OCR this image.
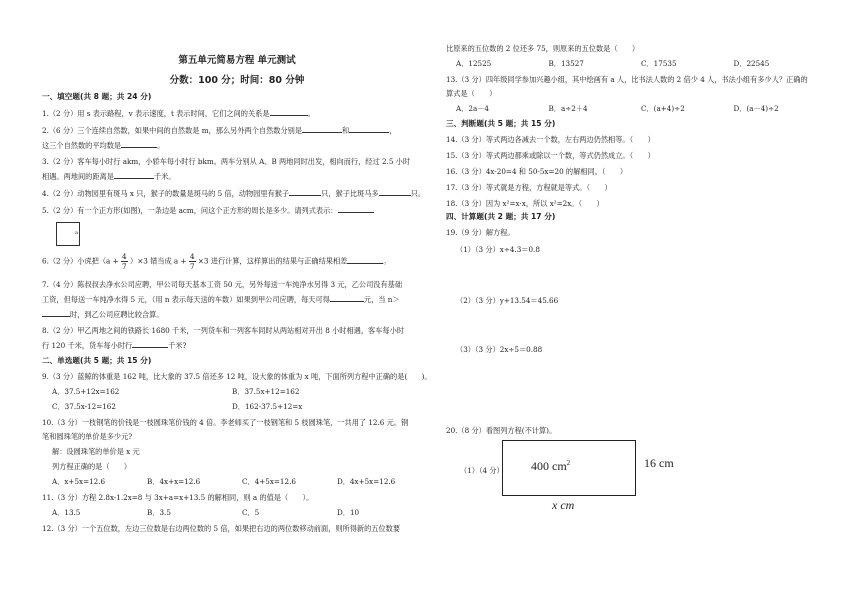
第五单元简易方程 单元测试
分数：100 分；时间：80 分钟
一、填空题(共 8 题；共 24 分)

1.（2 分）用 s 表示路程，v 表示速度，t 表示时间，它们之间的关系是	。

2.（6 分）三个连续自然数，如果中间的自然数是 m，那么另外两个自然数分别是	和	，

这三个自然数的平均数是	。

3.（2 分）客车每小时行 akm，小轿车每小时行 bkm。两车分别从 A、B 两地同时出发，相向而行，经过 2.5 小时

相遇。两地间的距离是	千米。

4.（2 分）动物园里有斑马 x 只，猴子的数量是斑马的 5 倍，动物园里有猴子	只，猴子比斑马多	只。

5.（2 分）有一个正方形(如图)，一条边是 acm，问这个正方形的周长是多少。请列式表示：

a

6.（2 分）小虎把$(a + \frac{4}{7} )\times 3$ 错当成 $a + \frac{4}{7} \times 3$ 进行计算，这样算出的结果与正确结果相差	。

7.（4 分）陈叔叔去净水公司应聘，甲公司每天基本工资 50 元，另外每送一车纯净水另得 3 元，乙公司没有基础

工资，但每送一车纯净水得 5 元，（用 n 表示每天送的车数）如果到甲公司应聘，每天可得	元，当 n＞

时，到乙公司应聘比较合算。

8.（2 分）甲乙两地之间的铁路长 1680 千米，一列货车和一列客车同时从两站相对开出 8 小时相遇，客车每小时

行 120 千米，货车每小时行	千米?

二、单选题(共 5 题；共 15 分)

9.（3 分）蓝鲸的体重是 162 吨，比大象的 37.5 倍还多 12 吨，设大象的体重为 x 吨，下面所列方程中正确的是(　　)。

A．37.5+12x=162	B．37.5x+12=162
C．37.5x-12=162	D．162-37.5+12=x

10.（3 分）一枝钢笔的价钱是一枝圆珠笔价钱的 4 倍。李老师买了一枝钢笔和 5 枝圆珠笔，一共用了 12.6 元。钢

笔和圆珠笔的单价是多少元?

解：设圆珠笔的单价是 x 元

列方程正确的是（　　）

A．x+5x=12.6	B．4x+x=12.6	C．4+5x=12.6	D．4x+5x=12.6

11.（3 分）方程 2.8x-1.2x=8 与 3x+a=x+13.5 的解相同，则 a 的值是（　　）。

A．13.5	B．3.5	C．5	D．10

12.（3 分）一个五位数，左边三位数是右边两位数的 5 倍，如果把右边的两位数移动前面，则所得新的五位数要

比原来的五位数的 2 位还多 75，则原来的五位数是（　　）

A．12525	B．13527	C．17535	D．22545

13.（3 分）四年级同学参加兴趣小组，其中绘画有 a 人，比书法人数的 2 倍少 4 人，书法小组有多少人？正确的

算式是（　　）

A．2a－4	B．a÷2＋4	C．(a+4)÷2	D．(a－4)÷2
三、判断题(共 5 题；共 15 分)

14.（3 分）等式两边各减去一个数，左右两边仍然相等。（　　）

15.（3 分）等式两边都乘或除以一个数，等式仍然成立。（　　）

16.（3 分）4x-20=4 和 50-5x=20 的解相同。（　　）

17.（3 分）等式就是方程，方程就是等式。（　　）

18.（3 分）因为 x²=x·x，所以 x²=2x。（　　）

四、计算题(共 2 题；共 17 分)

19.（9 分）解方程。

（1）（3 分）x÷4.3＝0.8

（2）（3 分）y+13.54＝45.66

（3）（3 分）2x÷5＝0.88

20.（8 分）看图列方程(不计算)。

（1）（4 分） 400 $cm^2$	16 cm
x cm
